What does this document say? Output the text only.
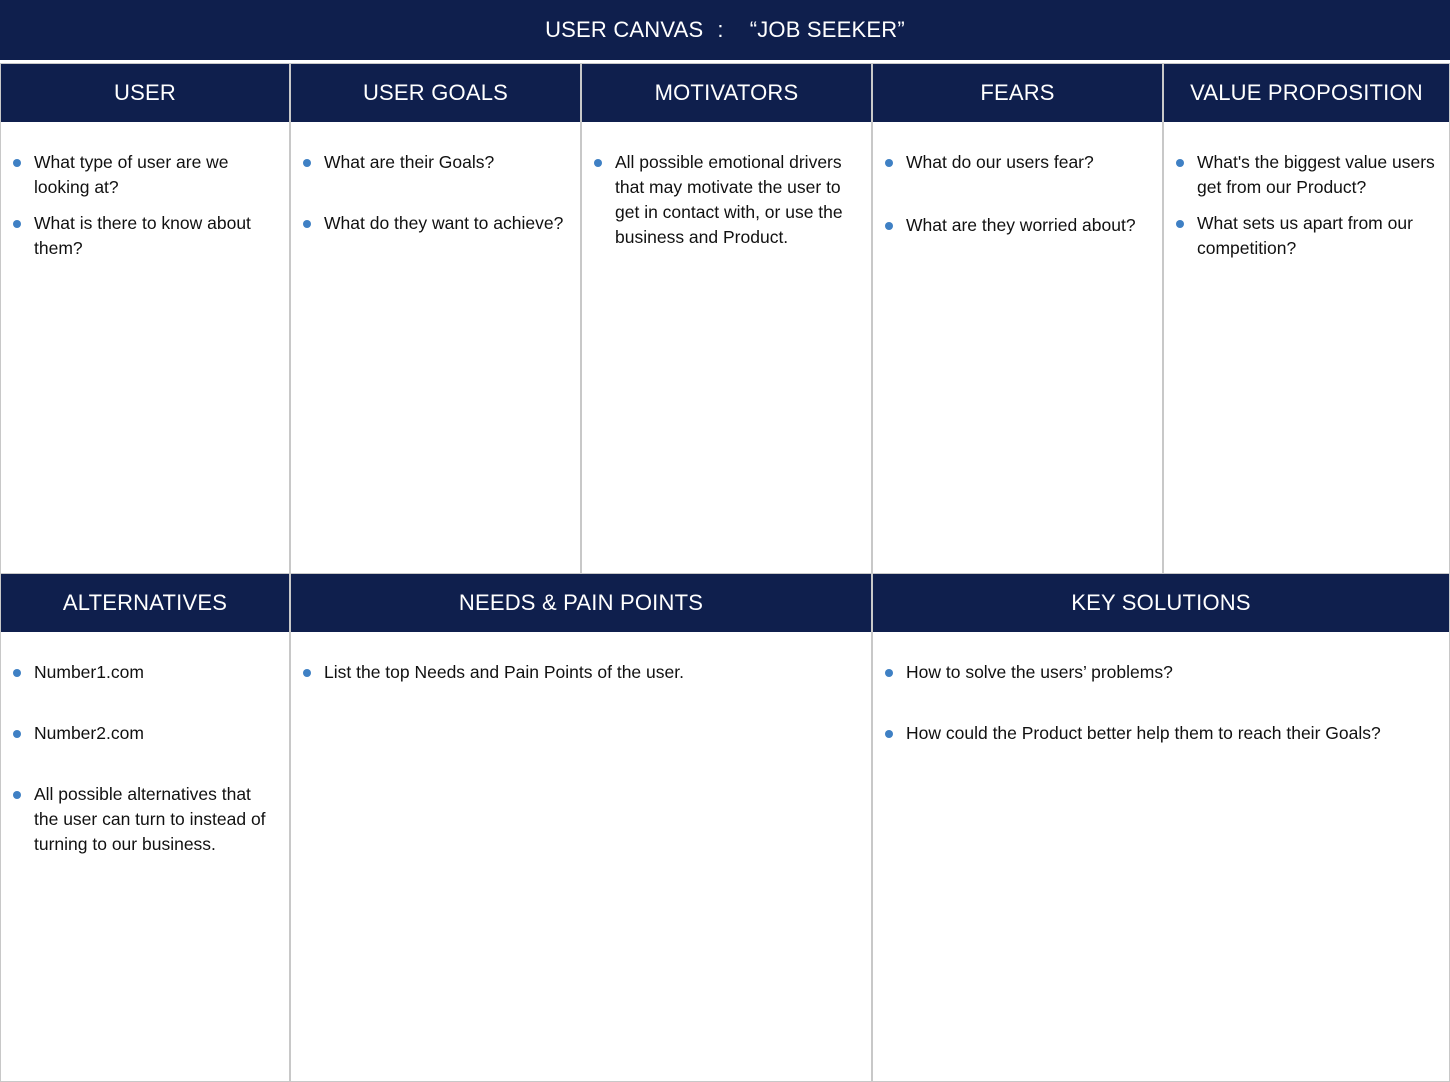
USER CANVAS : “JOB SEEKER”
USER
What type of user are we looking at?
What is there to know about them?
USER GOALS
What are their Goals?
What do they want to achieve?
MOTIVATORS
All possible emotional drivers that may motivate the user to get in contact with, or use the business and Product.
FEARS
What do our users fear?
What are they worried about?
VALUE PROPOSITION
What's the biggest value users get from our Product?
What sets us apart from our competition?
ALTERNATIVES
Number1.com
Number2.com
All possible alternatives that the user can turn to instead of turning to our business.
NEEDS & PAIN POINTS
List the top Needs and Pain Points of the user.
KEY SOLUTIONS
How to solve the users’ problems?
How could the Product better help them to reach their Goals?
